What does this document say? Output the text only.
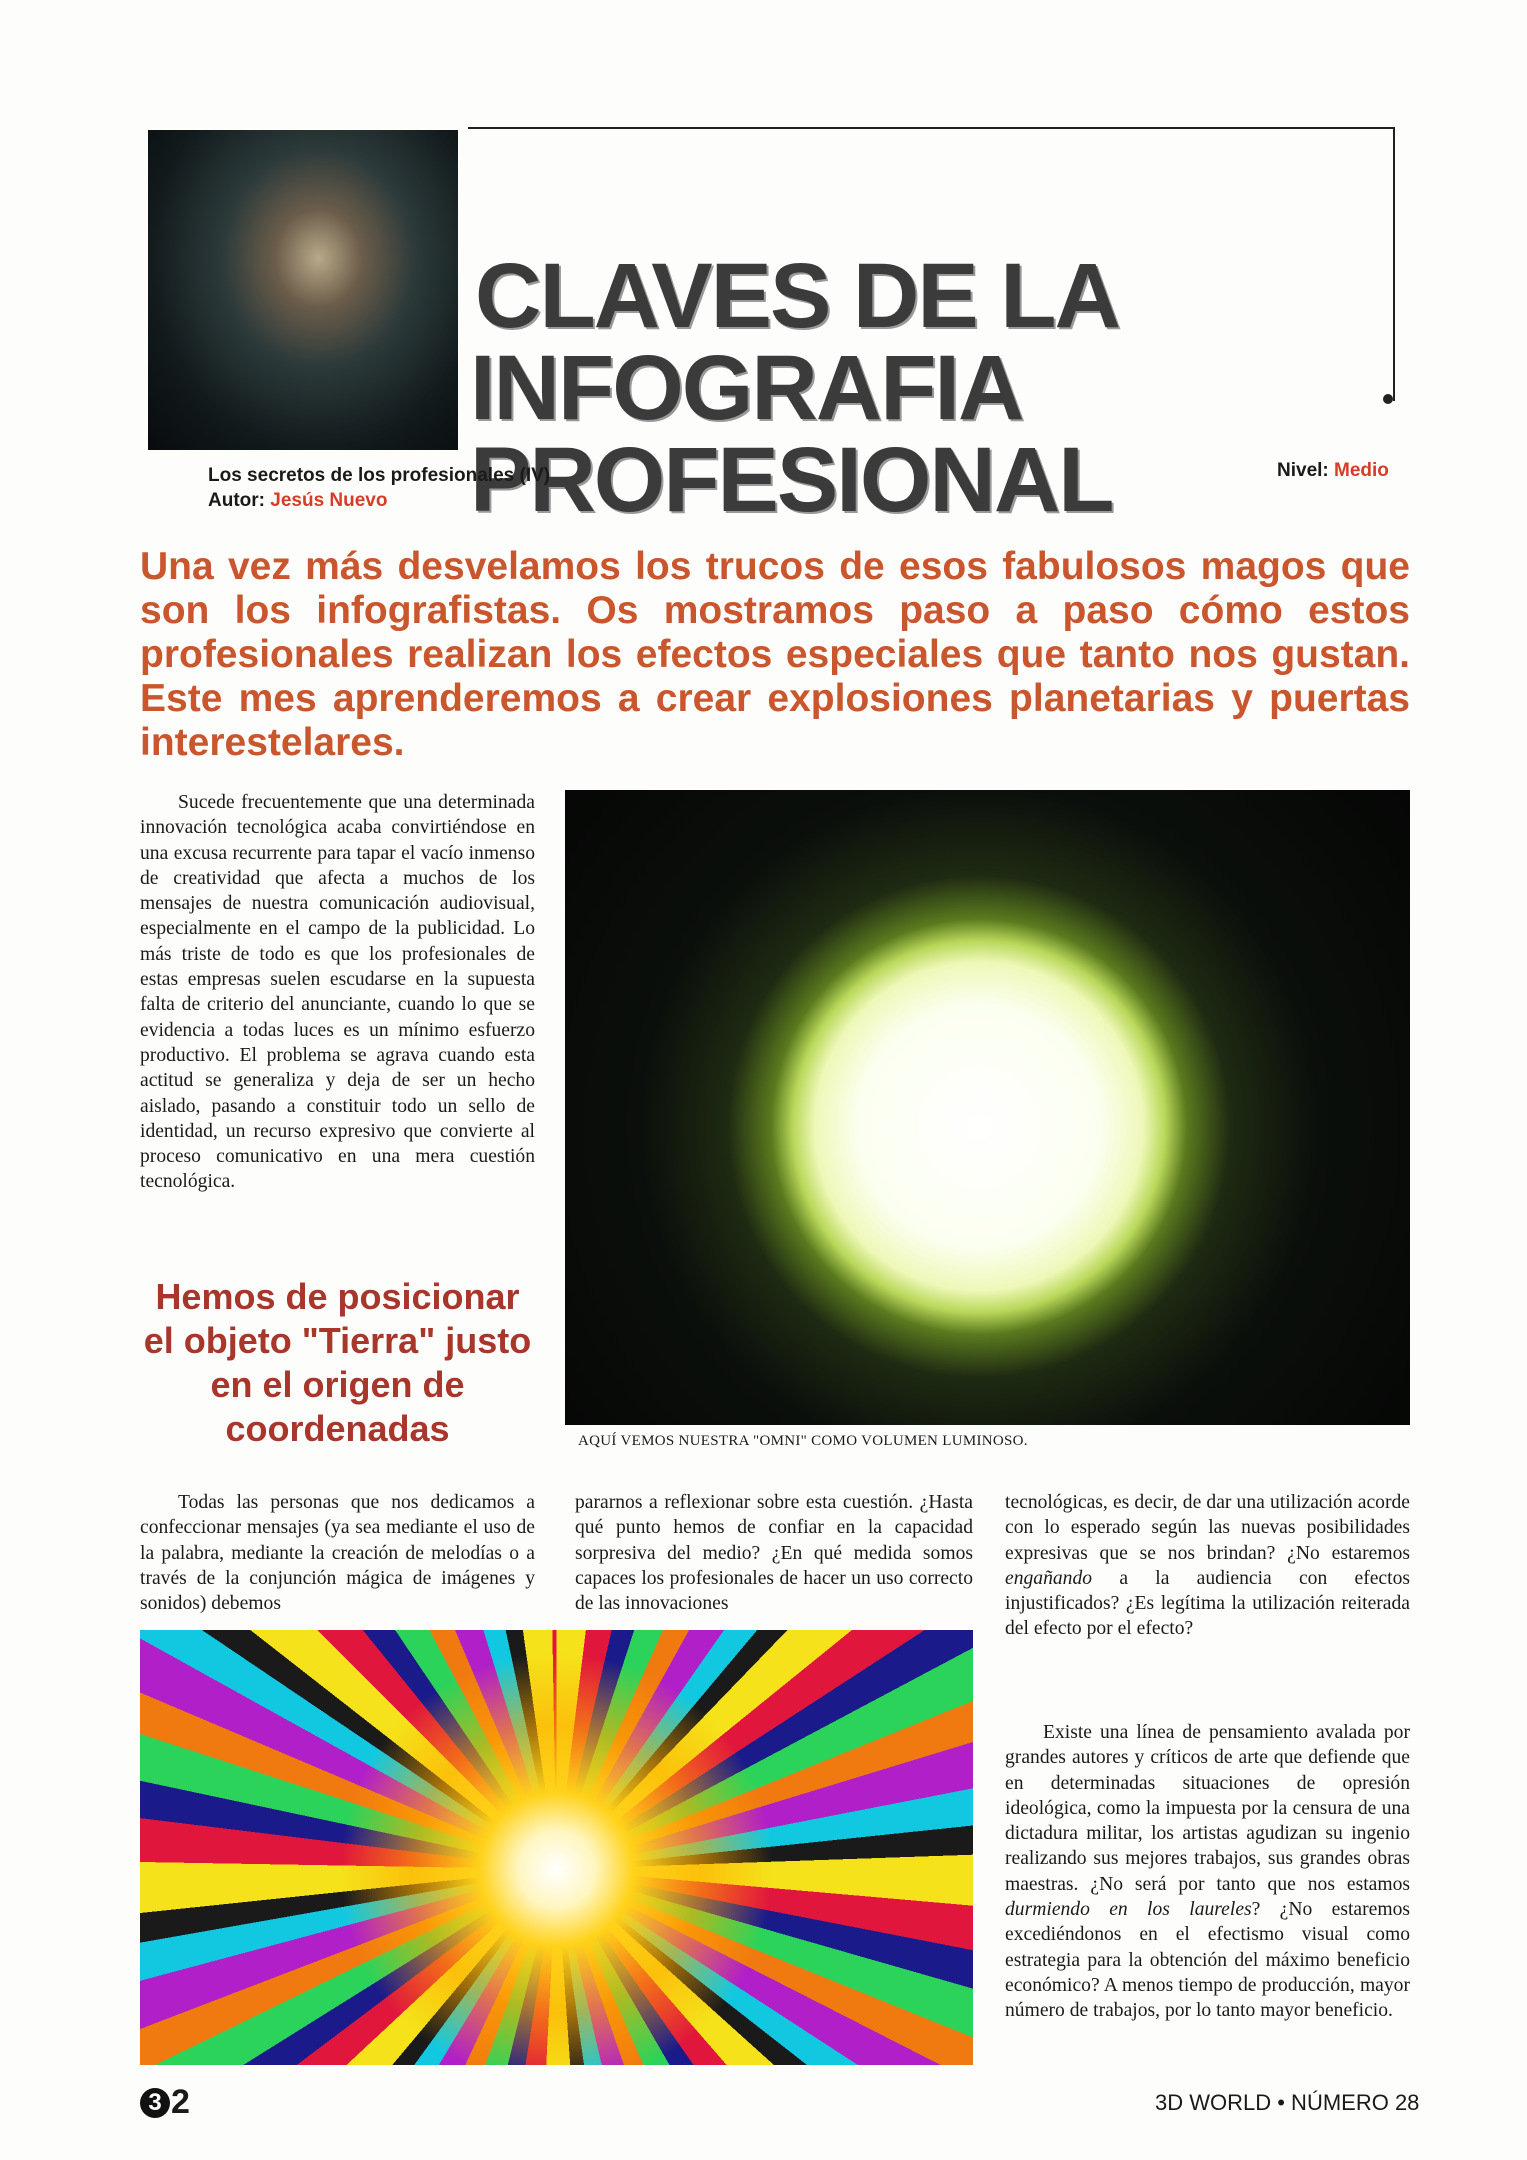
CLAVES DE LA
INFOGRAFIA PROFESIONAL
Los secretos de los profesionales (IV)
Autor: Jesús Nuevo
Nivel: Medio
Una vez más desvelamos los trucos de esos fabulosos magos que son los infografistas. Os mostramos paso a paso cómo estos profesionales realizan los efectos especiales que tanto nos gustan. Este mes aprenderemos a crear explosiones planetarias y puertas interestelares.
Sucede frecuentemente que una determinada innovación tecnológica acaba convirtiéndose en una excusa recurrente para tapar el vacío inmenso de creatividad que afecta a muchos de los mensajes de nuestra comunicación audiovisual, especialmente en el campo de la publicidad. Lo más triste de todo es que los profesionales de estas empresas suelen escudarse en la supuesta falta de criterio del anunciante, cuando lo que se evidencia a todas luces es un mínimo esfuerzo productivo. El problema se agrava cuando esta actitud se generaliza y deja de ser un hecho aislado, pasando a constituir todo un sello de identidad, un recurso expresivo que convierte al proceso comunicativo en una mera cuestión tecnológica.
Hemos de posicionar el objeto "Tierra" justo en el origen de coordenadas	AQUÍ VEMOS NUESTRA "OMNI" COMO VOLUMEN LUMINOSO.
Todas las personas que nos dedicamos a confeccionar mensajes (ya sea mediante el uso de la palabra, mediante la creación de melodías o a través de la conjunción mágica de imágenes y sonidos) debemos
pararnos a reflexionar sobre esta cuestión. ¿Hasta qué punto hemos de confiar en la capacidad sorpresiva del medio? ¿En qué medida somos capaces los profesionales de hacer un uso correcto de las innovaciones
tecnológicas, es decir, de dar una utilización acorde con lo esperado según las nuevas posibilidades expresivas que se nos brindan? ¿No estaremos engañando a la audiencia con efectos injustificados? ¿Es legítima la utilización reiterada del efecto por el efecto?
Existe una línea de pensamiento avalada por grandes autores y críticos de arte que defiende que en determinadas situaciones de opresión ideológica, como la impuesta por la censura de una dictadura militar, los artistas agudizan su ingenio realizando sus mejores trabajos, sus grandes obras maestras. ¿No será por tanto que nos estamos durmiendo en los laureles? ¿No estaremos excediéndonos en el efectismo visual como estrategia para la obtención del máximo beneficio económico? A menos tiempo de producción, mayor número de trabajos, por lo tanto mayor beneficio.
3 2	3D WORLD • NÚMERO 28
